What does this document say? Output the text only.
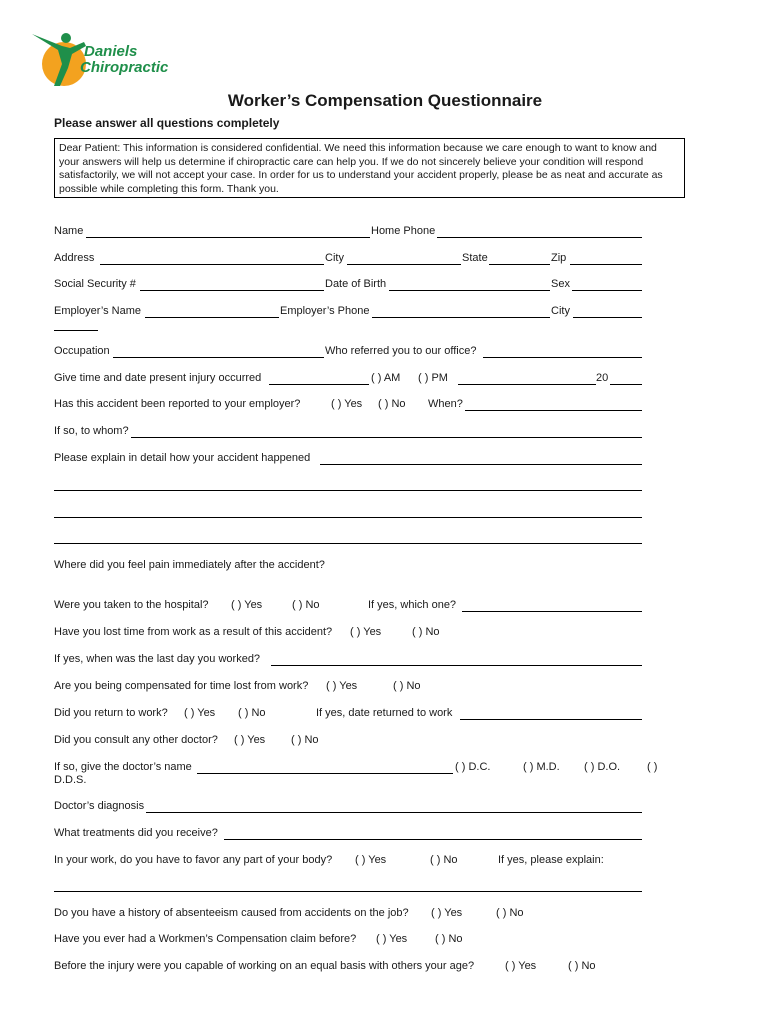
Daniels
Chiropractic
Worker’s Compensation Questionnaire
Please answer all questions completely
Dear Patient: This information is considered confidential. We need this information because we care enough to want to know and your answers will help us determine if chiropractic care can help you. If we do not sincerely believe your condition will respond satisfactorily, we will not accept your case. In order for us to understand your accident properly, please be as neat and accurate as possible while completing this form. Thank you.
Name	Home Phone
Address	City	State	Zip
Social Security #	Date of Birth	Sex
Employer’s Name	Employer’s Phone	City
Occupation	Who referred you to our office?
Give time and date present injury occurred	( ) AM ( ) PM	20
Has this accident been reported to your employer?	( ) Yes ( ) No When?
If so, to whom?
Please explain in detail how your accident happened
Where did you feel pain immediately after the accident?
Were you taken to the hospital? ( ) Yes	( ) No	If yes, which one?
Have you lost time from work as a result of this accident? ( ) Yes	( ) No
If yes, when was the last day you worked?
Are you being compensated for time lost from work? ( ) Yes	( ) No
Did you return to work? ( ) Yes ( ) No	If yes, date returned to work
Did you consult any other doctor? ( ) Yes ( ) No
If so, give the doctor’s name	( ) D.C.	( ) M.D. ( ) D.O. ( )
D.D.S.
Doctor’s diagnosis
What treatments did you receive?
In your work, do you have to favor any part of your body? ( ) Yes	( ) No	If yes, please explain:
Do you have a history of absenteeism caused from accidents on the job? ( ) Yes	( ) No
Have you ever had a Workmen’s Compensation claim before? ( ) Yes	( ) No
Before the injury were you capable of working on an equal basis with others your age?	( ) Yes	( ) No
